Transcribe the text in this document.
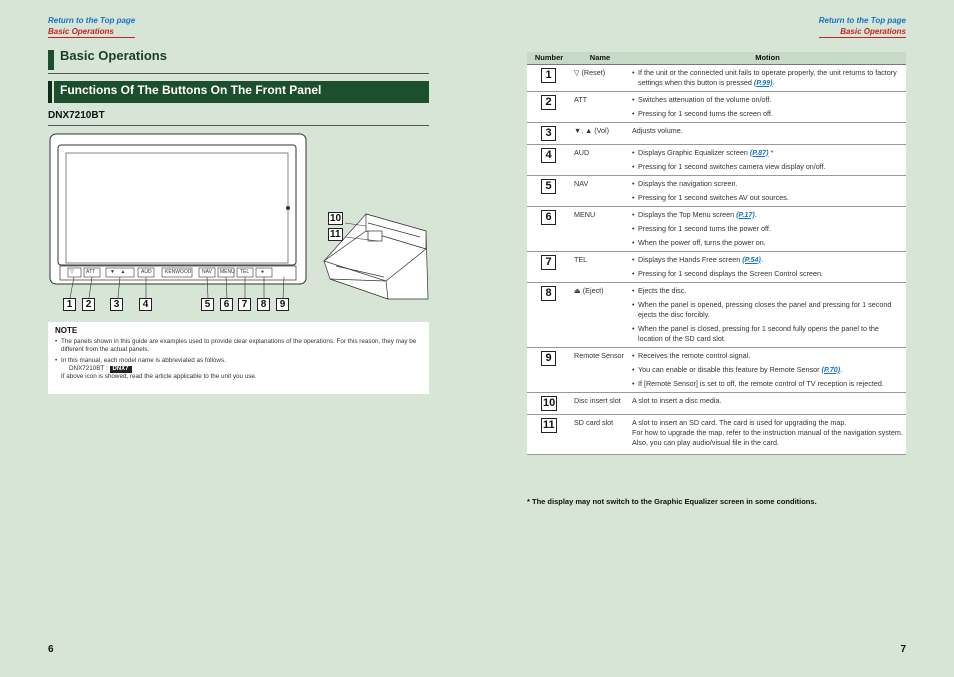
Return to the Top page
Basic Operations
Return to the Top page
Basic Operations
Basic Operations
Functions Of The Buttons On The Front Panel
DNX7210BT
▽ ATT	▼    ▲	AUD	KENWOOD NAV MENU TEL ●
1	2	3	4	5	6	7	8	9
10
11
NOTE
• The panels shown in this guide are examples used to provide clear explanations of the operations. For this reason, they may be different from the actual panels.
• In this manual, each model name is abbreviated as follows.
DNX7210BT : DNX7
If above icon is showed, read the article applicable to the unit you use.
Number	Name	Motion
1	▽ (Reset)	• If the unit or the connected unit fails to operate properly, the unit returns to factory settings when this button is pressed (P.99).

2	ATT	• Switches attenuation of the volume on/off.
• Pressing for 1 second turns the screen off.

3	▼, ▲ (Vol)	Adjusts volume.
4	AUD	• Displays Graphic Equalizer screen (P.87) *
• Pressing for 1 second switches camera view display on/off.

5	NAV	• Displays the navigation screen.
• Pressing for 1 second switches AV out sources.

6	MENU	• Displays the Top Menu screen (P.17).
• Pressing for 1 second turns the power off.
• When the power off, turns the power on.

7	TEL	• Displays the Hands Free screen (P.54).
• Pressing for 1 second displays the Screen Control screen.

8	⏏ (Eject)	• Ejects the disc.
• When the panel is opened, pressing closes the panel and pressing for 1 second ejects the disc forcibly.
• When the panel is closed, pressing for 1 second fully opens the panel to the location of the SD card slot.

9	Remote Sensor	• Receives the remote control signal.
• You can enable or disable this feature by Remote Sensor (P.70).
• If [Remote Sensor] is set to off, the remote control of TV reception is rejected.

10	Disc insert slot	A slot to insert a disc media.
11	SD card slot	A slot to insert an SD card. The card is used for upgrading the map.
For how to upgrade the map, refer to the instruction manual of the navigation system.
Also, you can play audio/visual file in the card.
* The display may not switch to the Graphic Equalizer screen in some conditions.
6	7
